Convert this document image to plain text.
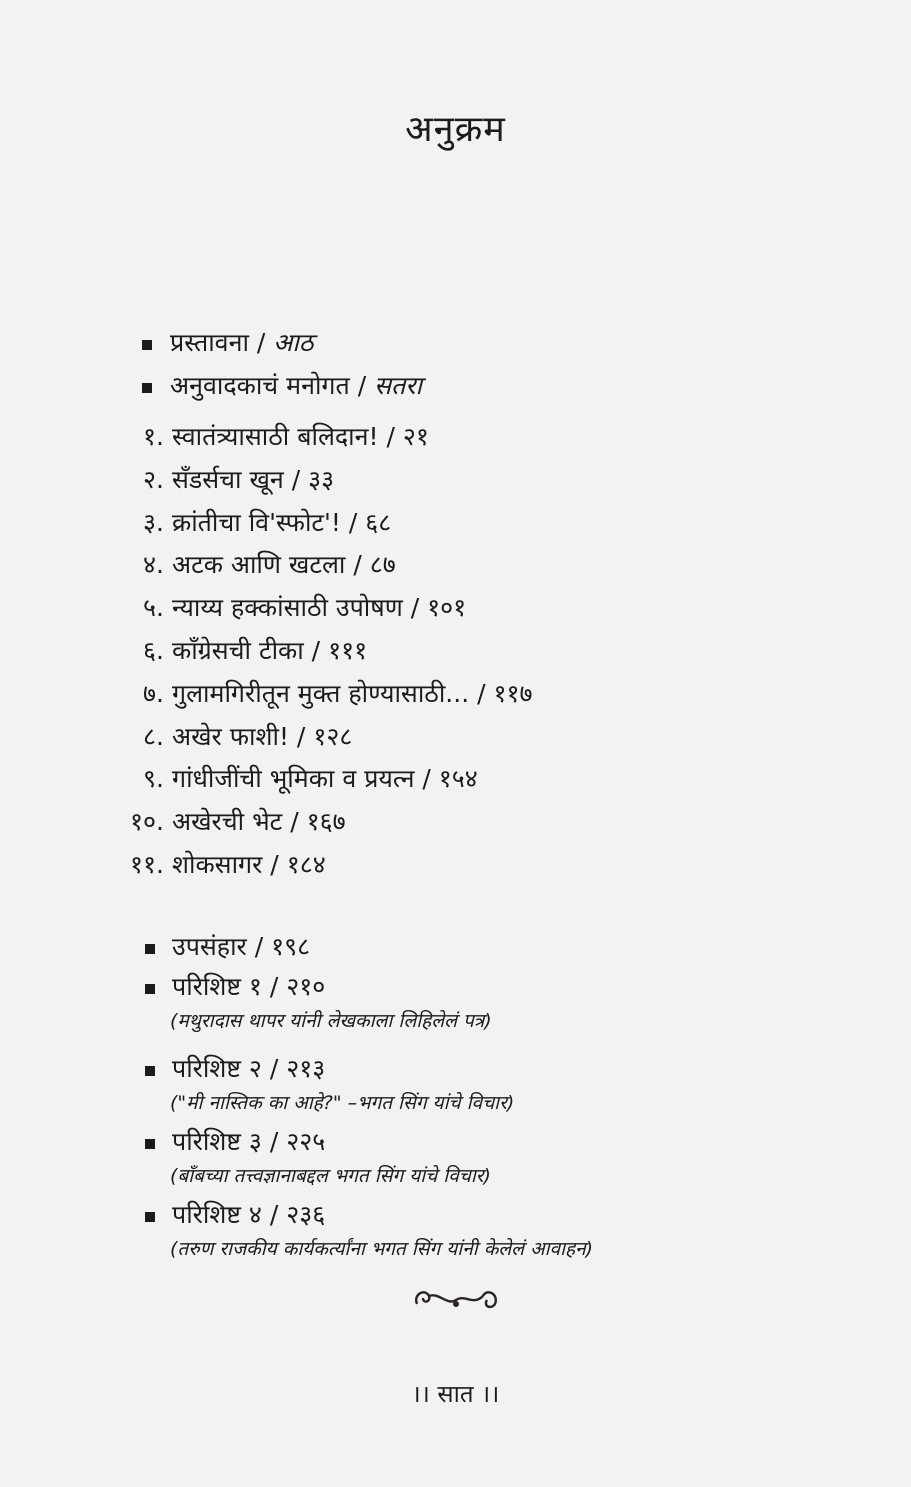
अनुक्रम
प्रस्तावना / आठ
अनुवादकाचं मनोगत / सतरा
१. स्वातंत्र्यासाठी बलिदान! / २१
२. सँडर्सचा खून / ३३
३. क्रांतीचा वि'स्फोट'! / ६८
४. अटक आणि खटला / ८७
५. न्याय्य हक्कांसाठी उपोषण / १०१
६. काँग्रेसची टीका / १११
७. गुलामगिरीतून मुक्त होण्यासाठी... / ११७
८. अखेर फाशी! / १२८
९. गांधीजींची भूमिका व प्रयत्न / १५४
१०. अखेरची भेट / १६७
११. शोकसागर / १८४
उपसंहार / १९८
परिशिष्ट १ / २१०
(मथुरादास थापर यांनी लेखकाला लिहिलेलं पत्र)
परिशिष्ट २ / २१३
("मी नास्तिक का आहे?" –भगत सिंग यांचे विचार)
परिशिष्ट ३ / २२५
(बाँबच्या तत्त्वज्ञानाबद्दल भगत सिंग यांचे विचार)
परिशिष्ट ४ / २३६
(तरुण राजकीय कार्यकर्त्यांना भगत सिंग यांनी केलेलं आवाहन)
।। सात ।।
